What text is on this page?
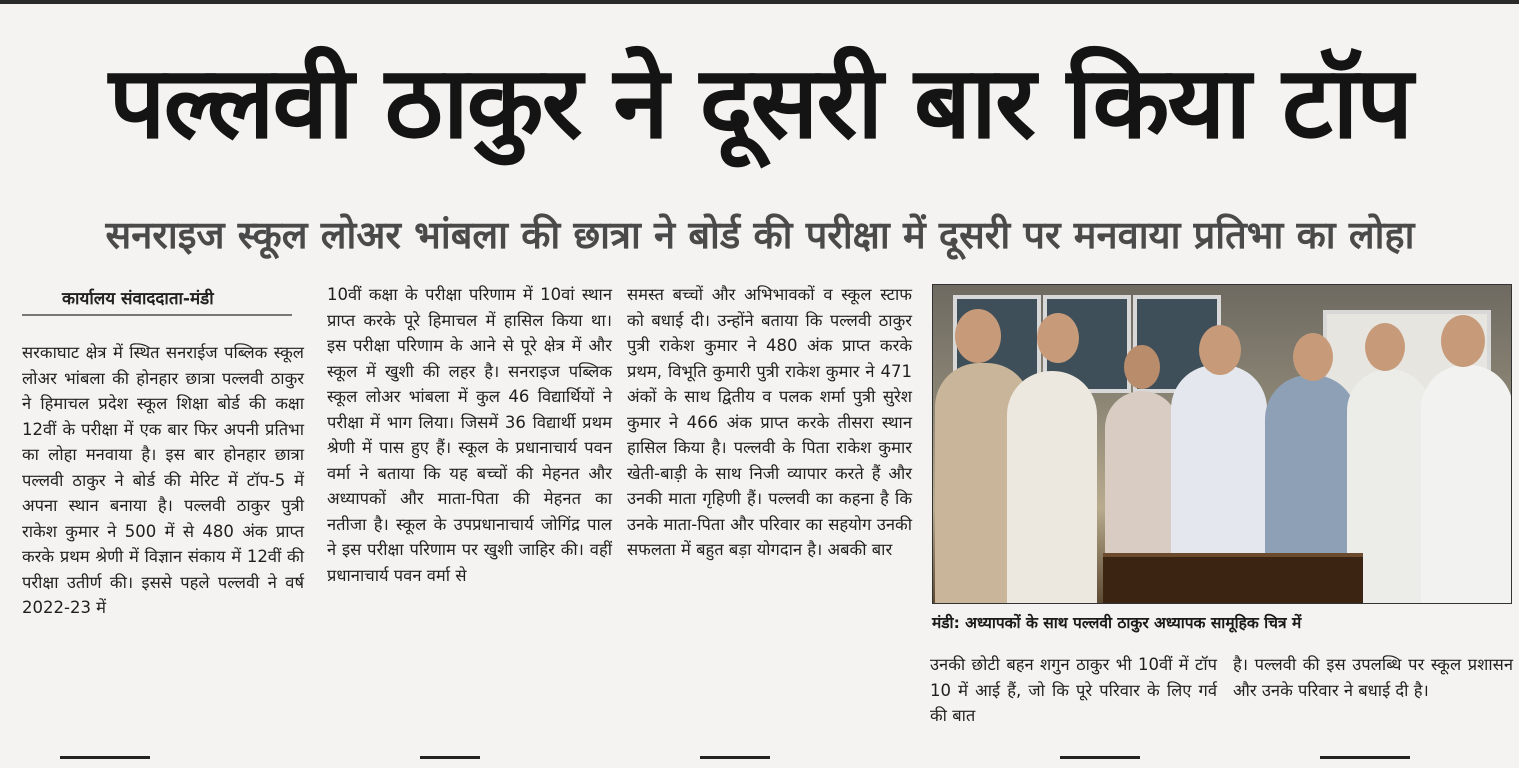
पल्लवी ठाकुर ने दूसरी बार किया टॉप
सनराइज स्कूल लोअर भांबला की छात्रा ने बोर्ड की परीक्षा में दूसरी पर मनवाया प्रतिभा का लोहा
कार्यालय संवाददाता-मंडी

सरकाघाट क्षेत्र में स्थित सनराईज पब्लिक स्कूल लोअर भांबला की होनहार छात्रा पल्लवी ठाकुर ने हिमाचल प्रदेश स्कूल शिक्षा बोर्ड की कक्षा 12वीं के परीक्षा में एक बार फिर अपनी प्रतिभा का लोहा मनवाया है। इस बार होनहार छात्रा पल्लवी ठाकुर ने बोर्ड की मेरिट में टॉप-5 में अपना स्थान बनाया है। पल्लवी ठाकुर पुत्री राकेश कुमार ने 500 में से 480 अंक प्राप्त करके प्रथम श्रेणी में विज्ञान संकाय में 12वीं की परीक्षा उतीर्ण की। इससे पहले पल्लवी ने वर्ष 2022-23 में

10वीं कक्षा के परीक्षा परिणाम में 10वां स्थान प्राप्त करके पूरे हिमाचल में हासिल किया था। इस परीक्षा परिणाम के आने से पूरे क्षेत्र में और स्कूल में खुशी की लहर है। सनराइज पब्लिक स्कूल लोअर भांबला में कुल 46 विद्यार्थियों ने परीक्षा में भाग लिया। जिसमें 36 विद्यार्थी प्रथम श्रेणी में पास हुए हैं। स्कूल के प्रधानाचार्य पवन वर्मा ने बताया कि यह बच्चों की मेहनत और अध्यापकों और माता-पिता की मेहनत का नतीजा है। स्कूल के उपप्रधानाचार्य जोगिंद्र पाल ने इस परीक्षा परिणाम पर खुशी जाहिर की। वहीं प्रधानाचार्य पवन वर्मा से

समस्त बच्चों और अभिभावकों व स्कूल स्टाफ को बधाई दी। उन्होंने बताया कि पल्लवी ठाकुर पुत्री राकेश कुमार ने 480 अंक प्राप्त करके प्रथम, विभूति कुमारी पुत्री राकेश कुमार ने 471 अंकों के साथ द्वितीय व पलक शर्मा पुत्री सुरेश कुमार ने 466 अंक प्राप्त करके तीसरा स्थान हासिल किया है। पल्लवी के पिता राकेश कुमार खेती-बाड़ी के साथ निजी व्यापार करते हैं और उनकी माता गृहिणी हैं। पल्लवी का कहना है कि उनके माता-पिता और परिवार का सहयोग उनकी सफलता में बहुत बड़ा योगदान है। अबकी बार

मंडी: अध्यापकों के साथ पल्लवी ठाकुर अध्यापक सामूहिक चित्र में

उनकी छोटी बहन शगुन ठाकुर भी 10वीं में टॉप 10 में आई हैं, जो कि पूरे परिवार के लिए गर्व की बात

है। पल्लवी की इस उपलब्धि पर स्कूल प्रशासन और उनके परिवार ने बधाई दी है।
